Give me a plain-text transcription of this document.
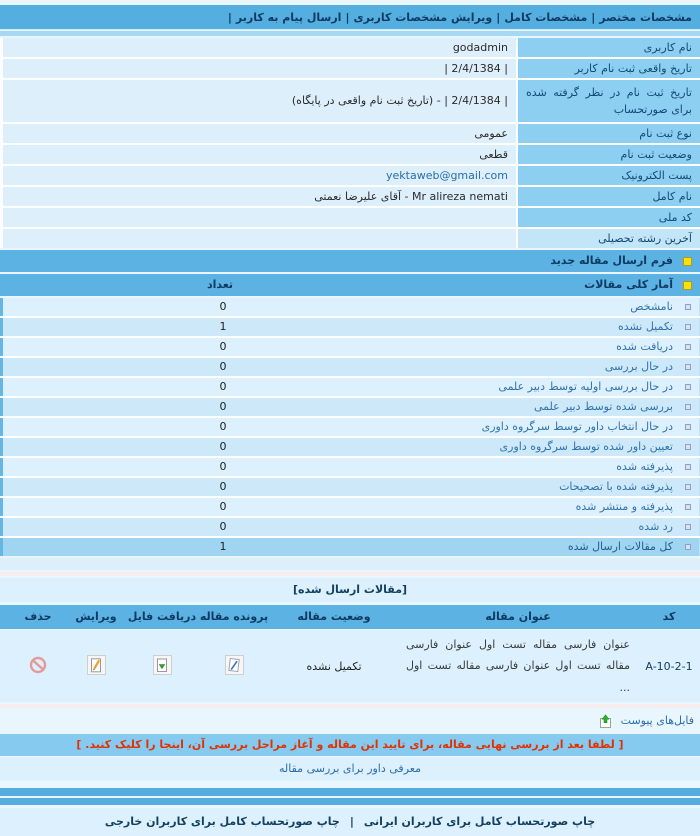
مشخصات مختصر|مشخصات کامل|ویرایش مشخصات کاربری|ارسال پیام به کاربر|
نام کاربری
godadmin
تاریخ واقعی ثبت نام کاربر
| 2/4/1384 |
تاریخ ثبت نام در نظر گرفته شده برای صورتحساب
| 2/4/1384 | - (تاریخ ثبت نام واقعی در پایگاه)
نوع ثبت نام
عمومی
وضعیت ثبت نام
قطعی
پست الکترونیک
yektaweb@gmail.com
نام کامل
Mr alireza nemati - آقای علیرضا نعمتی
کد ملی
آخرین رشته تحصیلی
فرم ارسال مقاله جدید
آمار کلی مقالات
تعداد
نامشخص
0
تکمیل نشده
1
دریافت شده
0
در حال بررسی
0
در حال بررسی اولیه توسط دبیر علمی
0
بررسی شده توسط دبیر علمی
0
در حال انتخاب داور توسط سرگروه داوری
0
تعیین داور شده توسط سرگروه داوری
0
پذیرفته شده
0
پذیرفته شده با تصحیحات
0
پذیرفته و منتشر شده
0
رد شده
0
کل مقالات ارسال شده
1
[مقالات ارسال شده]
کد
عنوان مقاله
وضعیت مقاله
پرونده مقاله
دریافت فایل
ویرایش
حذف
A-10-2-1
عنوان فارسی مقاله تست اول عنوان فارسی مقاله تست اول عنوان فارسی مقاله تست اول ...
تکمیل نشده
فایل‌های پیوست
[ لطفا بعد از بررسی نهایی مقاله، برای تایید این مقاله و آغاز مراحل بررسی آن، اینجا را کلیک کنید. ]
معرفی داور برای بررسی مقاله
چاپ صورتحساب کامل برای کاربران ایرانی|چاپ صورتحساب کامل برای کاربران خارجی
